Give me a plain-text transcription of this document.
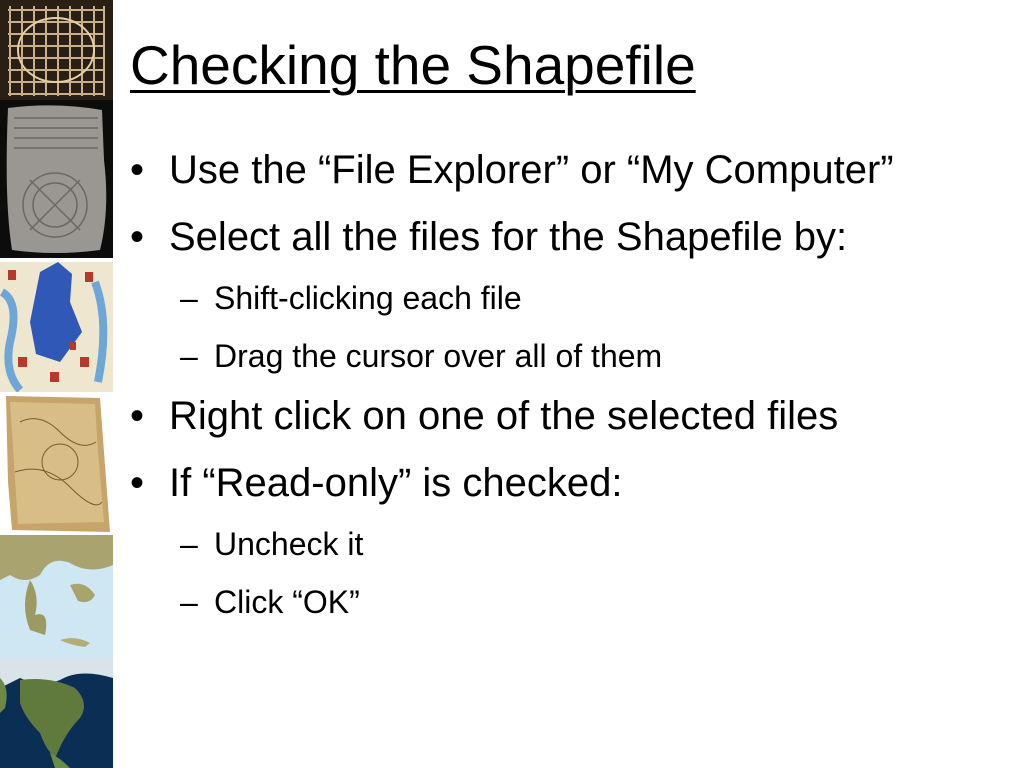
Checking the Shapefile
• Use the “File Explorer” or “My Computer”
• Select all the files for the Shapefile by:
– Shift-clicking each file
– Drag the cursor over all of them
• Right click on one of the selected files
• If “Read-only” is checked:
– Uncheck it
– Click “OK”
